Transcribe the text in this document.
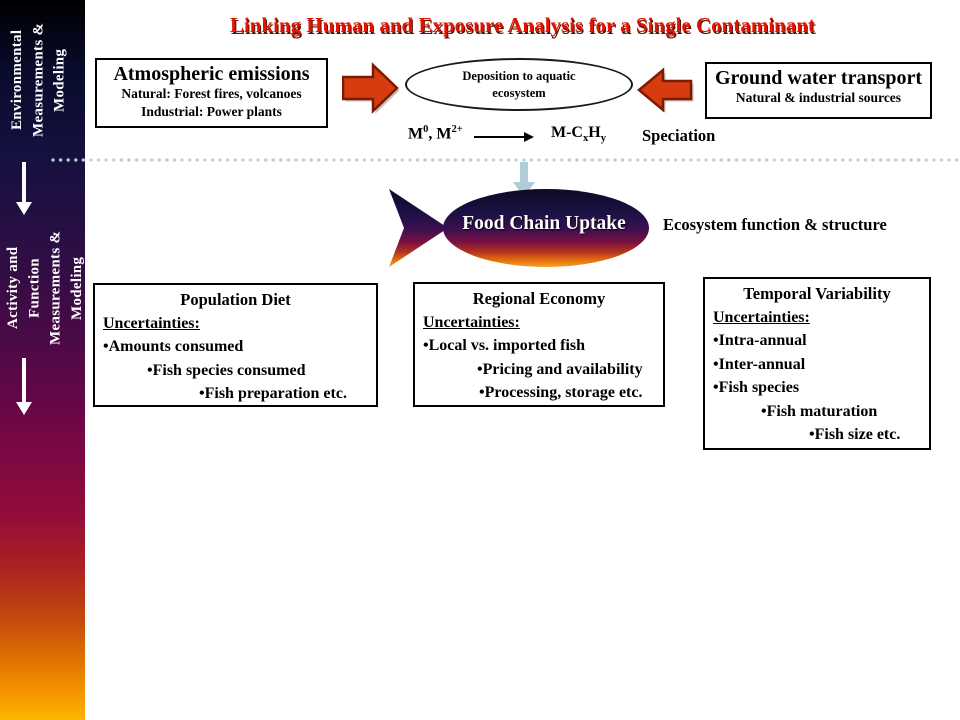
Environmental
Measurements &
Modeling
Activity and
Function
Measurements &
Modeling
Linking Human and Exposure Analysis for a Single Contaminant
Atmospheric emissions
Natural: Forest fires, volcanoes
Industrial: Power plants
Deposition to aquatic
ecosystem
Ground water transport
Natural & industrial sources
$M^0$, $M^{2+} \to M-C_xH_y$ Speciation
Food Chain Uptake	Ecosystem function & structure
Population Diet
Uncertainties:
•Amounts consumed
•Fish species consumed
•Fish preparation etc.
Regional Economy
Uncertainties:
•Local vs. imported fish
•Pricing and availability
•Processing, storage etc.
Temporal Variability
Uncertainties:
•Intra-annual
•Inter-annual
•Fish species
•Fish maturation
•Fish size etc.
